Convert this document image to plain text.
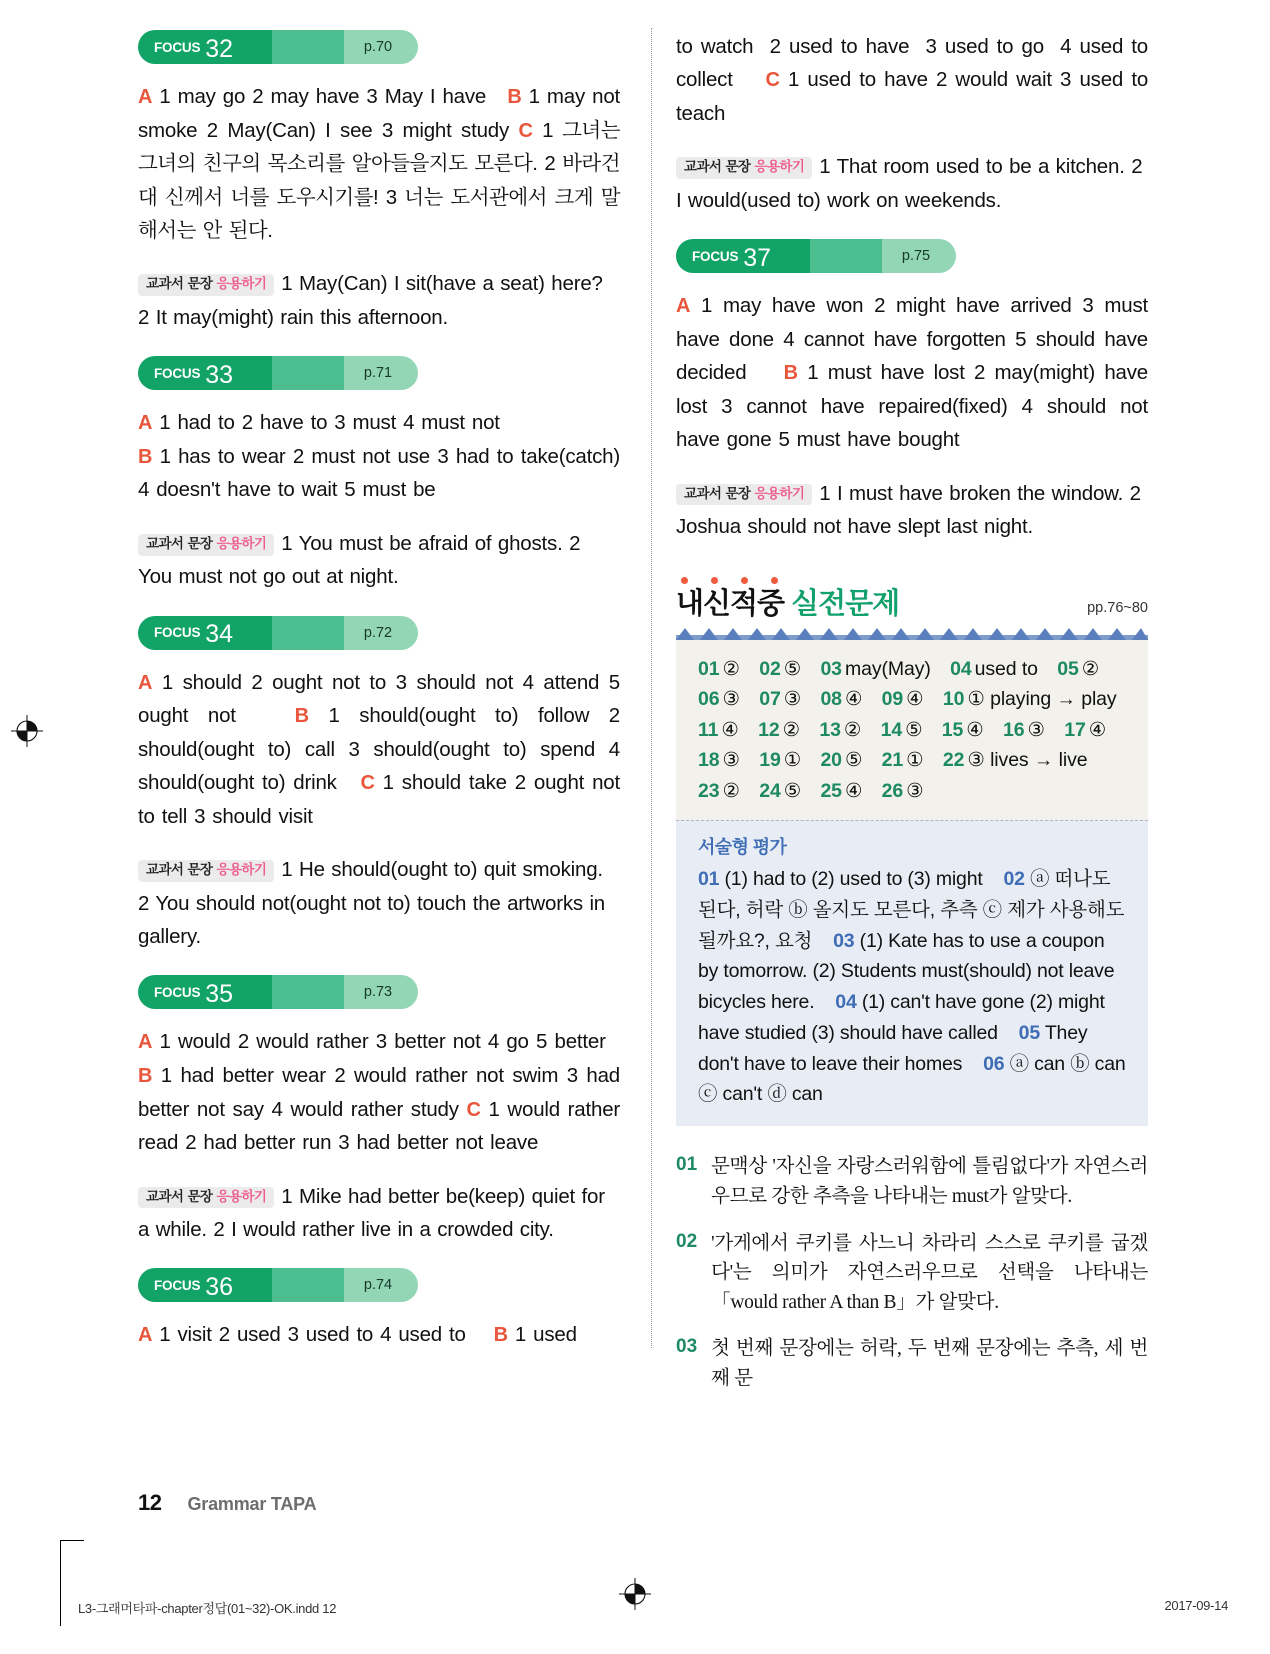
FOCUS 32	p.70

A 1 may go 2 may have 3 May I have B 1 may not smoke 2 May(Can) I see 3 might study C 1 그녀는 그녀의 친구의 목소리를 알아들을지도 모른다. 2 바라건대 신께서 너를 도우시기를! 3 너는 도서관에서 크게 말해서는 안 된다.

교과서 문장 응용하기 1 May(Can) I sit(have a seat) here? 2 It may(might) rain this afternoon.

FOCUS 33	p.71

A 1 had to 2 have to 3 must 4 must not
B 1 has to wear 2 must not use 3 had to take(catch) 4 doesn't have to wait 5 must be

교과서 문장 응용하기 1 You must be afraid of ghosts. 2 You must not go out at night.

FOCUS 34	p.72

A 1 should 2 ought not to 3 should not 4 attend 5 ought not	B 1 should(ought to) follow 2 should(ought to) call 3 should(ought to) spend 4 should(ought to) drink C 1 should take 2 ought not to tell 3 should visit

교과서 문장 응용하기 1 He should(ought to) quit smoking. 2 You should not(ought not to) touch the artworks in gallery.

FOCUS 35	p.73

A 1 would 2 would rather 3 better not 4 go 5 better   B 1 had better wear 2 would rather not swim 3 had better not say 4 would rather study C 1 would rather read 2 had better run 3 had better not leave

교과서 문장 응용하기 1 Mike had better be(keep) quiet for a while. 2 I would rather live in a crowded city.

FOCUS 36	p.74

A 1 visit 2 used 3 used to 4 used to B 1 used

to watch  2 used to have  3 used to go  4 used to collect C 1 used to have 2 would wait 3 used to teach

교과서 문장 응용하기 1 That room used to be a kitchen. 2 I would(used to) work on weekends.

FOCUS 37	p.75

A 1 may have won 2 might have arrived 3 must have done 4 cannot have forgotten 5 should have decided B 1 must have lost 2 may(might) have lost 3 cannot have repaired(fixed) 4 should not have gone 5 must have bought

교과서 문장 응용하기 1 I must have broken the window. 2 Joshua should not have slept last night.

내신적중 실전문제	pp.76~80
01 ② 02 ⑤ 03 may(May) 04 used to 05 ②
06 ③ 07 ③ 08 ④ 09 ④ 10 ① playing → play
11 ④ 12 ② 13 ② 14 ⑤ 15 ④ 16 ③ 17 ④
18 ③ 19 ① 20 ⑤ 21 ① 22 ③ lives → live
23 ② 24 ⑤ 25 ④ 26 ③
서술형 평가
01 (1) had to (2) used to (3) might 02 ⓐ 떠나도 된다, 허락 ⓑ 올지도 모른다, 추측 ⓒ 제가 사용해도 될까요?, 요청 03 (1) Kate has to use a coupon by tomorrow. (2) Students must(should) not leave bicycles here. 04 (1) can't have gone (2) might have studied (3) should have called 05 They don't have to leave their homes 06 ⓐ can ⓑ can ⓒ can't ⓓ can
01 문맥상 '자신을 자랑스러워함에 틀림없다'가 자연스러우므로 강한 추측을 나타내는 must가 알맞다.
02 '가게에서 쿠키를 사느니 차라리 스스로 쿠키를 굽겠다'는 의미가 자연스러우므로 선택을 나타내는 「would rather A than B」가 알맞다.
03 첫 번째 문장에는 허락, 두 번째 문장에는 추측, 세 번째 문
12 Grammar TAPA
L3-그래머타파-chapter정답(01~32)-OK.indd 12	2017-09-14
